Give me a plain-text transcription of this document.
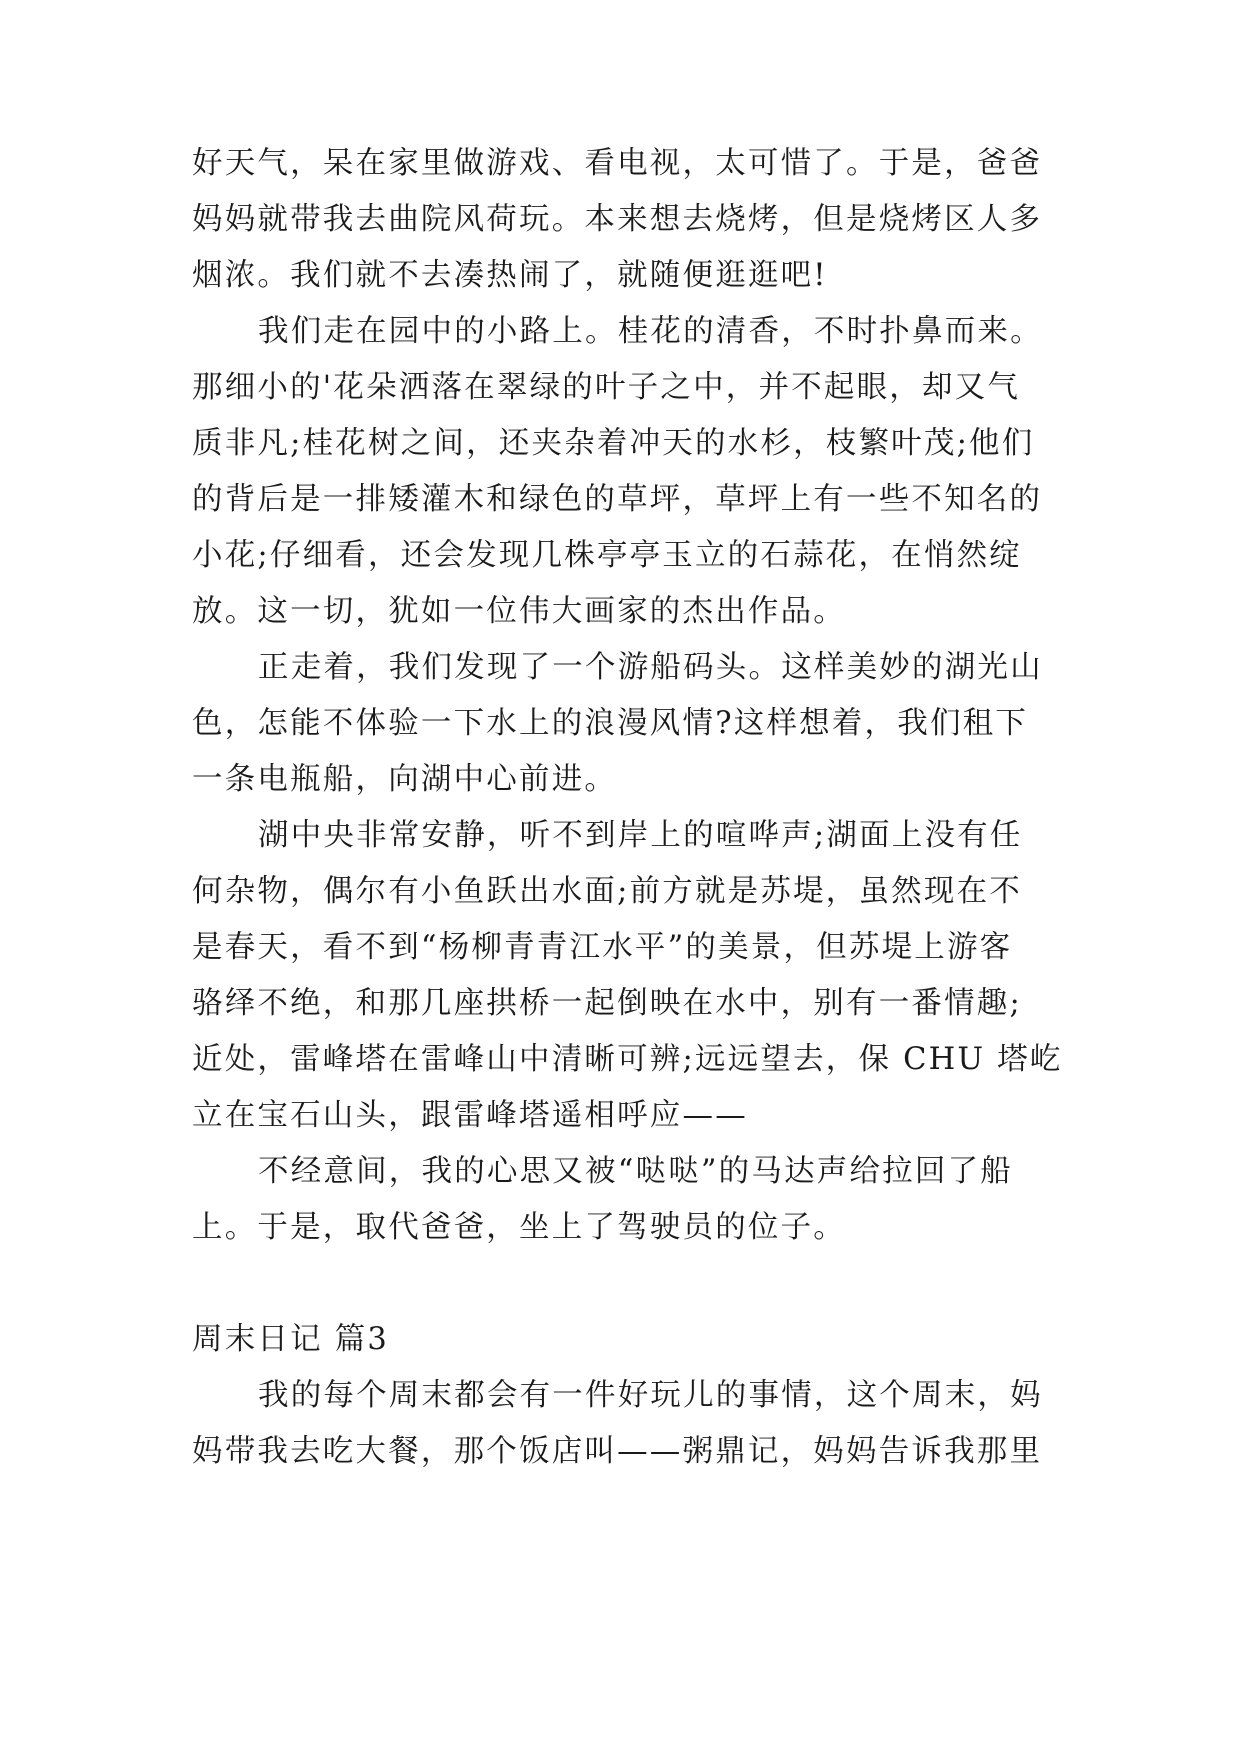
好天气，呆在家里做游戏、看电视，太可惜了。于是，爸爸
妈妈就带我去曲院风荷玩。本来想去烧烤，但是烧烤区人多
烟浓。我们就不去凑热闹了，就随便逛逛吧!

我们走在园中的小路上。桂花的清香，不时扑鼻而来。
那细小的'花朵洒落在翠绿的叶子之中，并不起眼，却又气
质非凡;桂花树之间，还夹杂着冲天的水杉，枝繁叶茂;他们
的背后是一排矮灌木和绿色的草坪，草坪上有一些不知名的
小花;仔细看，还会发现几株亭亭玉立的石蒜花，在悄然绽
放。这一切，犹如一位伟大画家的杰出作品。

正走着，我们发现了一个游船码头。这样美妙的湖光山
色，怎能不体验一下水上的浪漫风情?这样想着，我们租下
一条电瓶船，向湖中心前进。

湖中央非常安静，听不到岸上的喧哗声;湖面上没有任
何杂物，偶尔有小鱼跃出水面;前方就是苏堤，虽然现在不
是春天，看不到“杨柳青青江水平”的美景，但苏堤上游客
骆绎不绝，和那几座拱桥一起倒映在水中，别有一番情趣;
近处，雷峰塔在雷峰山中清晰可辨;远远望去，保 CHU 塔屹
立在宝石山头，跟雷峰塔遥相呼应——

不经意间，我的心思又被“哒哒”的马达声给拉回了船
上。于是，取代爸爸，坐上了驾驶员的位子。

周末日记 篇3

我的每个周末都会有一件好玩儿的事情，这个周末，妈
妈带我去吃大餐，那个饭店叫——粥鼎记，妈妈告诉我那里
